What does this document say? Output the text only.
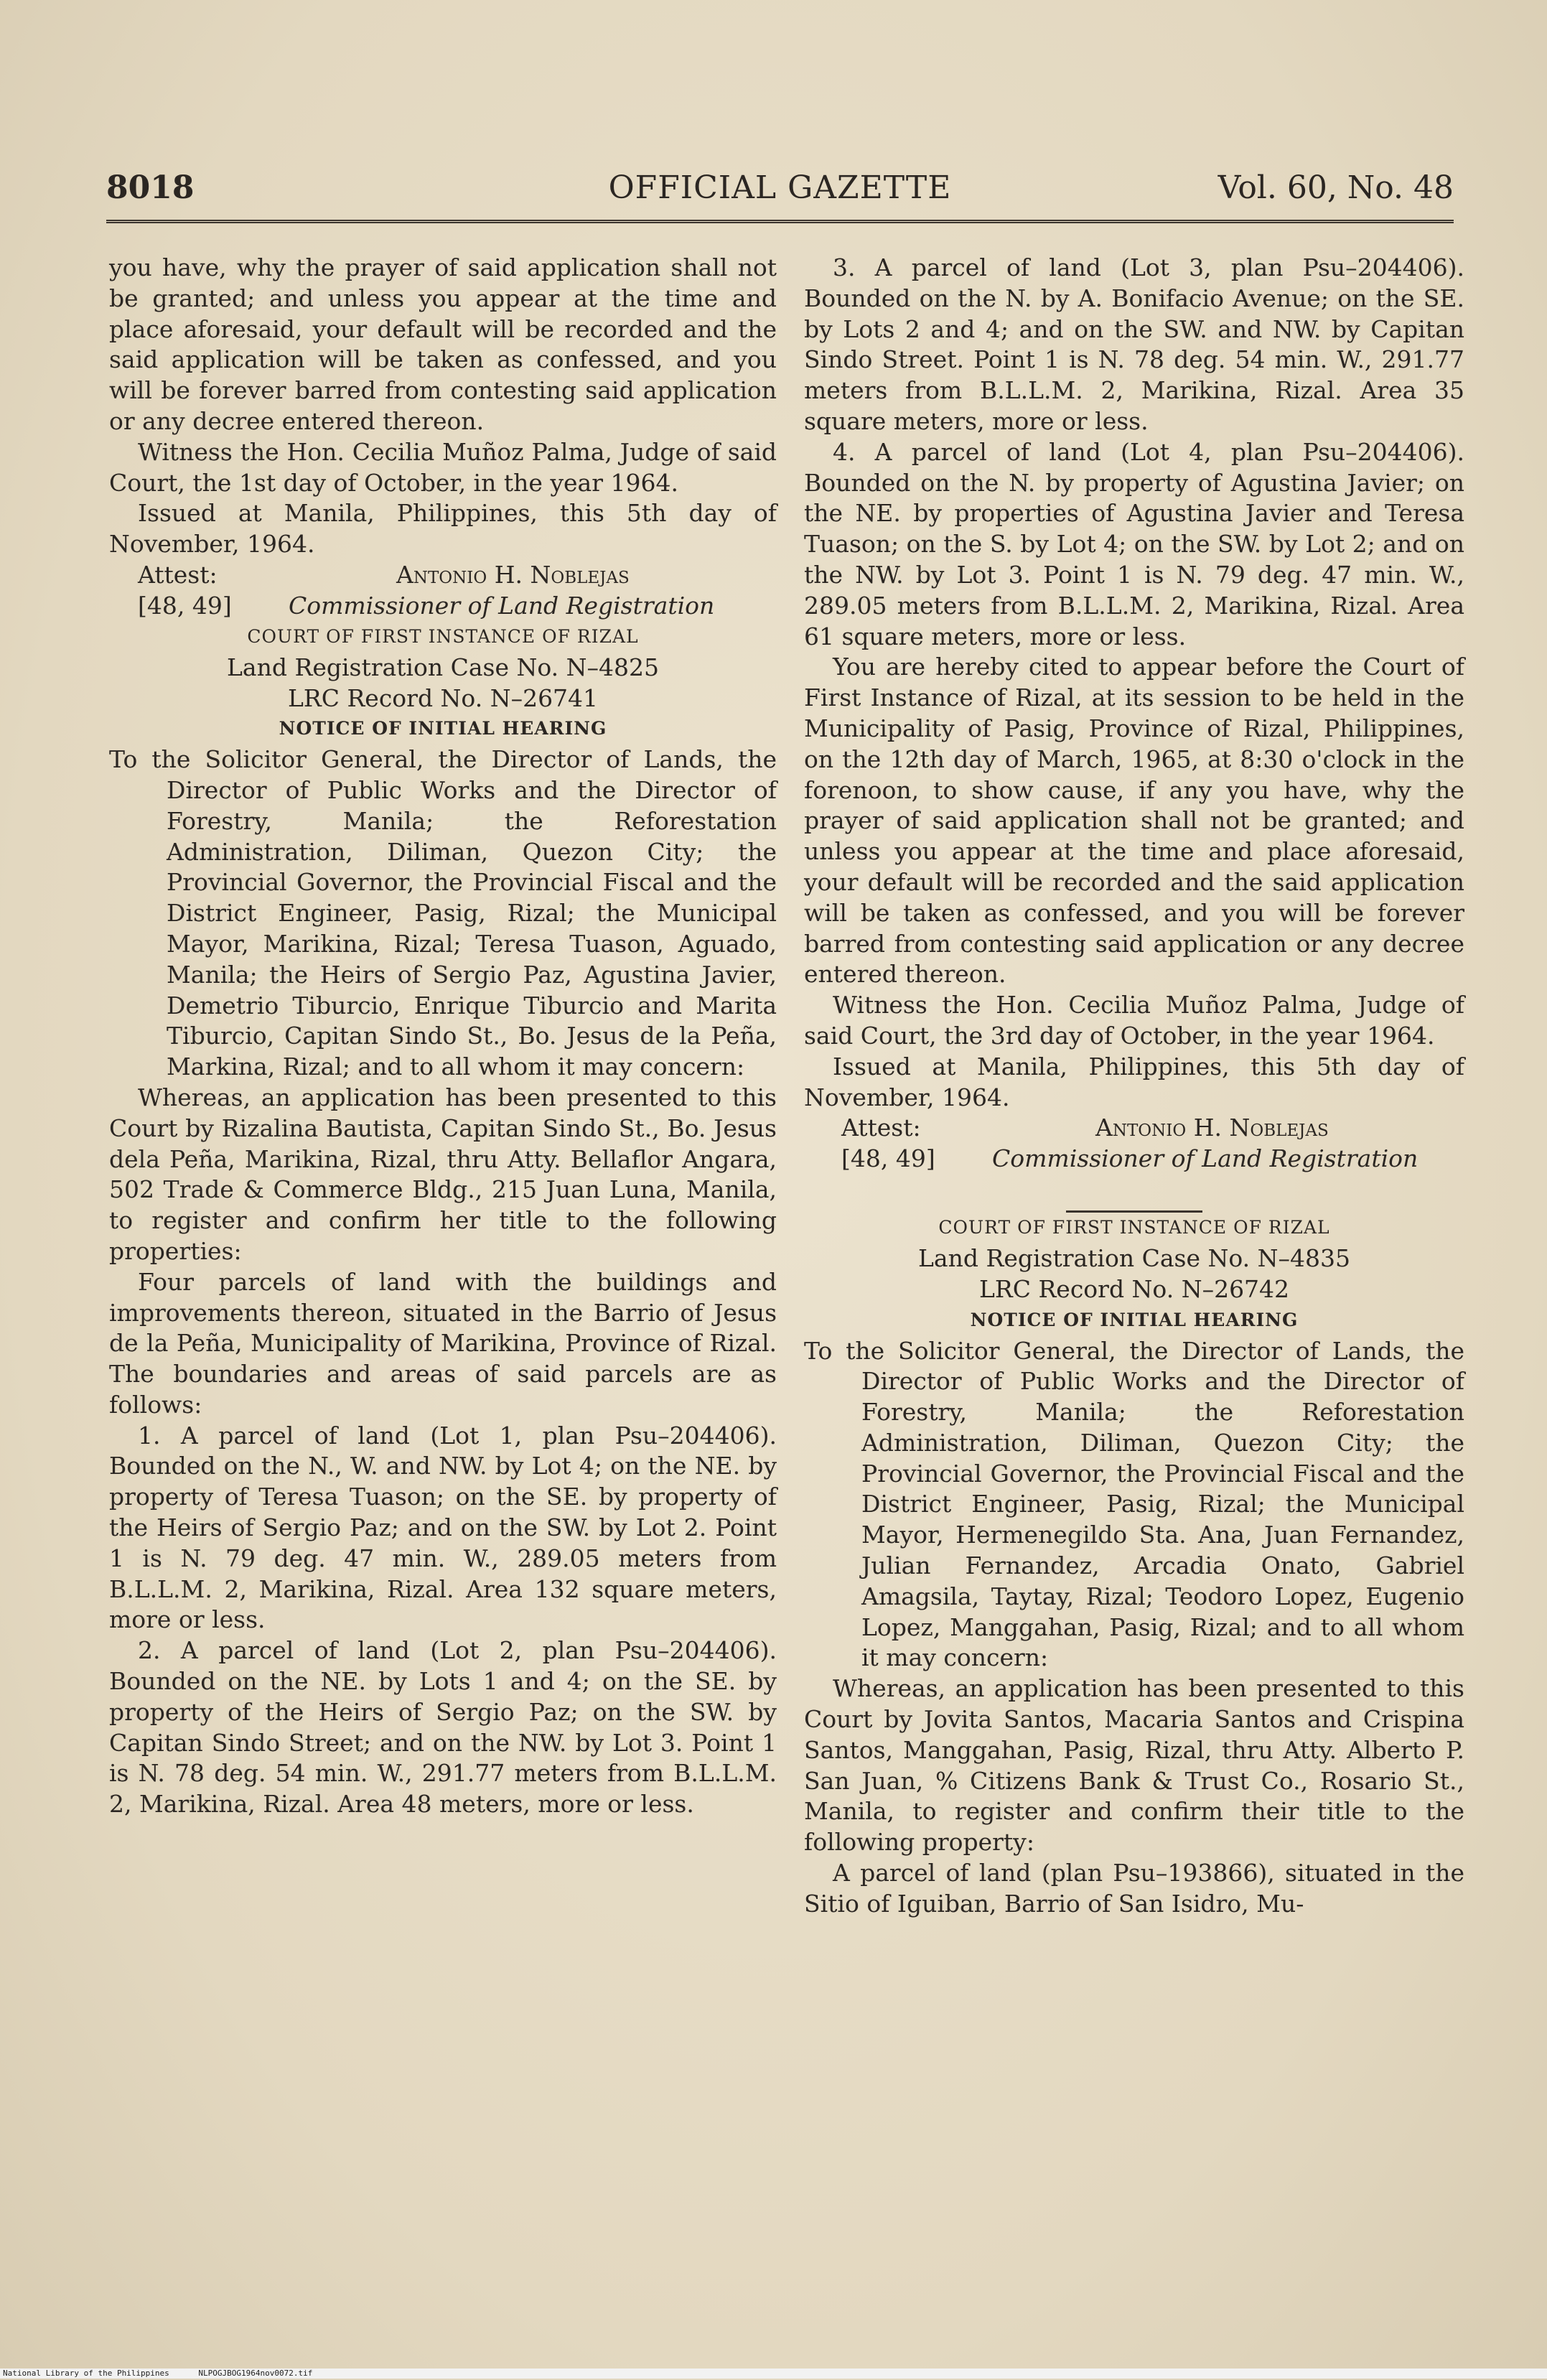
8018	OFFICIAL GAZETTE	Vol. 60, No. 48

you have, why the prayer of said application shall not be granted; and unless you appear at the time and place aforesaid, your default will be recorded and the said application will be taken as confessed, and you will be forever barred from contesting said application or any decree entered thereon.

Witness the Hon. Cecilia Muñoz Palma, Judge of said Court, the 1st day of October, in the year 1964.

Issued at Manila, Philippines, this 5th day of November, 1964.

Attest:	Antonio H. Noblejas
[48, 49] Commissioner of Land Registration

COURT OF FIRST INSTANCE OF RIZAL

Land Registration Case No. N–4825

LRC Record No. N–26741

NOTICE OF INITIAL HEARING

To the Solicitor General, the Director of Lands, the Director of Public Works and the Director of Forestry, Manila; the Reforestation Administration, Diliman, Quezon City; the Provincial Governor, the Provincial Fiscal and the District Engineer, Pasig, Rizal; the Municipal Mayor, Marikina, Rizal; Teresa Tuason, Aguado, Manila; the Heirs of Sergio Paz, Agustina Javier, Demetrio Tiburcio, Enrique Tiburcio and Marita Tiburcio, Capitan Sindo St., Bo. Jesus de la Peña, Markina, Rizal; and to all whom it may concern:

Whereas, an application has been presented to this Court by Rizalina Bautista, Capitan Sindo St., Bo. Jesus dela Peña, Marikina, Rizal, thru Atty. Bellaflor Angara, 502 Trade & Commerce Bldg., 215 Juan Luna, Manila, to register and confirm her title to the following properties:

Four parcels of land with the buildings and improvements thereon, situated in the Barrio of Jesus de la Peña, Municipality of Marikina, Province of Rizal. The boundaries and areas of said parcels are as follows:

1. A parcel of land (Lot 1, plan Psu–204406). Bounded on the N., W. and NW. by Lot 4; on the NE. by property of Teresa Tuason; on the SE. by property of the Heirs of Sergio Paz; and on the SW. by Lot 2. Point 1 is N. 79 deg. 47 min. W., 289.05 meters from B.L.L.M. 2, Marikina, Rizal. Area 132 square meters, more or less.

2. A parcel of land (Lot 2, plan Psu–204406). Bounded on the NE. by Lots 1 and 4; on the SE. by property of the Heirs of Sergio Paz; on the SW. by Capitan Sindo Street; and on the NW. by Lot 3. Point 1 is N. 78 deg. 54 min. W., 291.77 meters from B.L.L.M. 2, Marikina, Rizal. Area 48 meters, more or less.

3. A parcel of land (Lot 3, plan Psu–204406). Bounded on the N. by A. Bonifacio Avenue; on the SE. by Lots 2 and 4; and on the SW. and NW. by Capitan Sindo Street. Point 1 is N. 78 deg. 54 min. W., 291.77 meters from B.L.L.M. 2, Marikina, Rizal. Area 35 square meters, more or less.

4. A parcel of land (Lot 4, plan Psu–204406). Bounded on the N. by property of Agustina Javier; on the NE. by properties of Agustina Javier and Teresa Tuason; on the S. by Lot 4; on the SW. by Lot 2; and on the NW. by Lot 3. Point 1 is N. 79 deg. 47 min. W., 289.05 meters from B.L.L.M. 2, Marikina, Rizal. Area 61 square meters, more or less.

You are hereby cited to appear before the Court of First Instance of Rizal, at its session to be held in the Municipality of Pasig, Province of Rizal, Philippines, on the 12th day of March, 1965, at 8:30 o'clock in the forenoon, to show cause, if any you have, why the prayer of said application shall not be granted; and unless you appear at the time and place aforesaid, your default will be recorded and the said application will be taken as confessed, and you will be forever barred from contesting said application or any decree entered thereon.

Witness the Hon. Cecilia Muñoz Palma, Judge of said Court, the 3rd day of October, in the year 1964.

Issued at Manila, Philippines, this 5th day of November, 1964.

Attest:	Antonio H. Noblejas
[48, 49] Commissioner of Land Registration

COURT OF FIRST INSTANCE OF RIZAL

Land Registration Case No. N–4835

LRC Record No. N–26742

NOTICE OF INITIAL HEARING

To the Solicitor General, the Director of Lands, the Director of Public Works and the Director of Forestry, Manila; the Reforestation Administration, Diliman, Quezon City; the Provincial Governor, the Provincial Fiscal and the District Engineer, Pasig, Rizal; the Municipal Mayor, Hermenegildo Sta. Ana, Juan Fernandez, Julian Fernandez, Arcadia Onato, Gabriel Amagsila, Taytay, Rizal; Teodoro Lopez, Eugenio Lopez, Manggahan, Pasig, Rizal; and to all whom it may concern:

Whereas, an application has been presented to this Court by Jovita Santos, Macaria Santos and Crispina Santos, Manggahan, Pasig, Rizal, thru Atty. Alberto P. San Juan, % Citizens Bank & Trust Co., Rosario St., Manila, to register and confirm their title to the following property:

A parcel of land (plan Psu–193866), situated in the Sitio of Iguiban, Barrio of San Isidro, Mu-

National Library of the Philippines	NLPOGJBOG1964nov0072.tif
